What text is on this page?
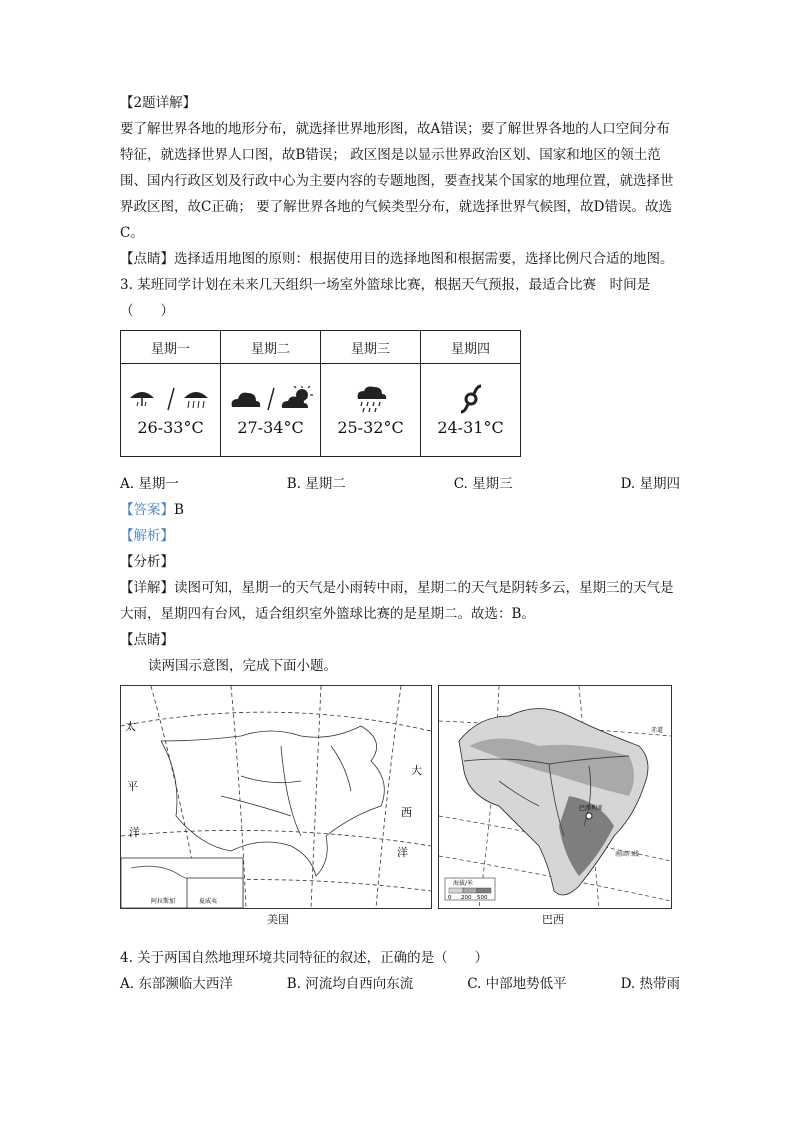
【2题详解】

要了解世界各地的地形分布，就选择世界地形图，故A错误；要了解世界各地的人口空间分布特征，就选择世界人口图，故B错误； 政区图是以显示世界政治区划、国家和地区的领土范围、国内行政区划及行政中心为主要内容的专题地图，要查找某个国家的地理位置，就选择世界政区图，故C正确； 要了解世界各地的气候类型分布，就选择世界气候图，故D错误。故选C。

【点睛】选择适用地图的原则：根据使用目的选择地图和根据需要，选择比例尺合适的地图。

3. 某班同学计划在未来几天组织一场室外篮球比赛，根据天气预报，最适合比赛　时间是

（　　）

星期一	星期二	星期三	星期四

26-33°C	27-34°C	25-32°C	24-31°C
A. 星期一	B. 星期二	C. 星期三	D. 星期四

【答案】B

【解析】

【分析】

【详解】读图可知，星期一的天气是小雨转中雨，星期二的天气是阴转多云，星期三的天气是大雨，星期四有台风，适合组织室外篮球比赛的是星期二。故选：B。

【点睛】

读两国示意图，完成下面小题。

太
平
洋
大
西
洋
阿拉斯加	夏威夷
巴西利亚
赤道
南回归线
海拔/米
0 200 500
美国	巴西

4. 关于两国自然地理环境共同特征的叙述，正确的是（　　）

A. 东部濒临大西洋	B. 河流均自西向东流	C. 中部地势低平	D. 热带雨
